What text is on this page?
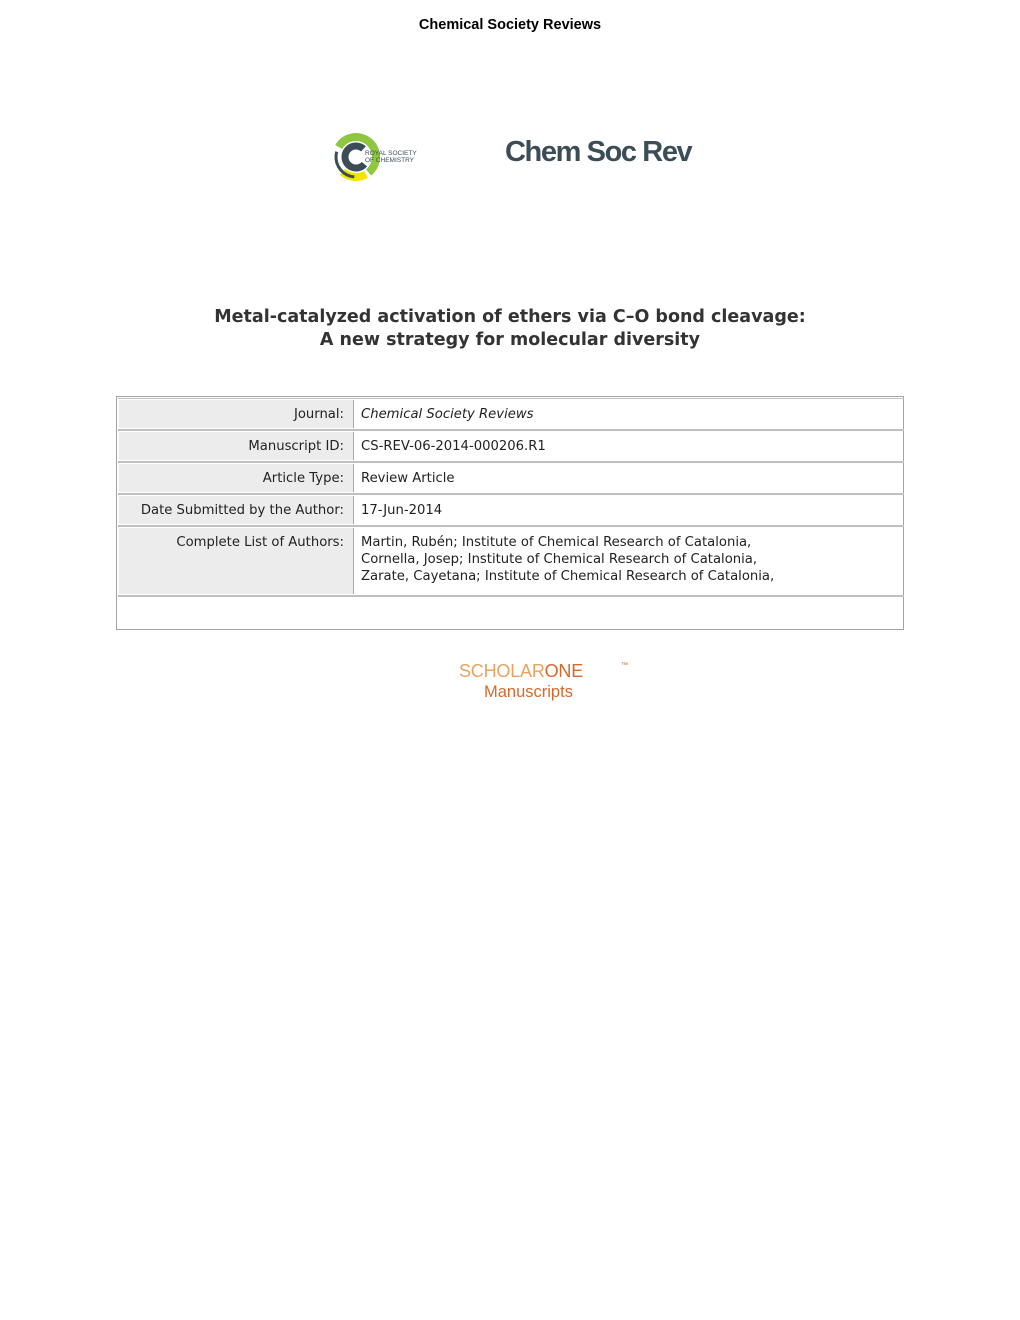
Chemical Society Reviews
ROYAL SOCIETY
OF CHEMISTRY	Chem Soc Rev
Metal-catalyzed activation of ethers via C–O bond cleavage:
A new strategy for molecular diversity
Journal:	Chemical Society Reviews
Manuscript ID:	CS-REV-06-2014-000206.R1
Article Type:	Review Article
Date Submitted by the Author:	17-Jun-2014
Complete List of Authors:	Martin, Rubén; Institute of Chemical Research of Catalonia,
Cornella, Josep; Institute of Chemical Research of Catalonia,
Zarate, Cayetana; Institute of Chemical Research of Catalonia,
SCHOLARONE	™
Manuscripts
